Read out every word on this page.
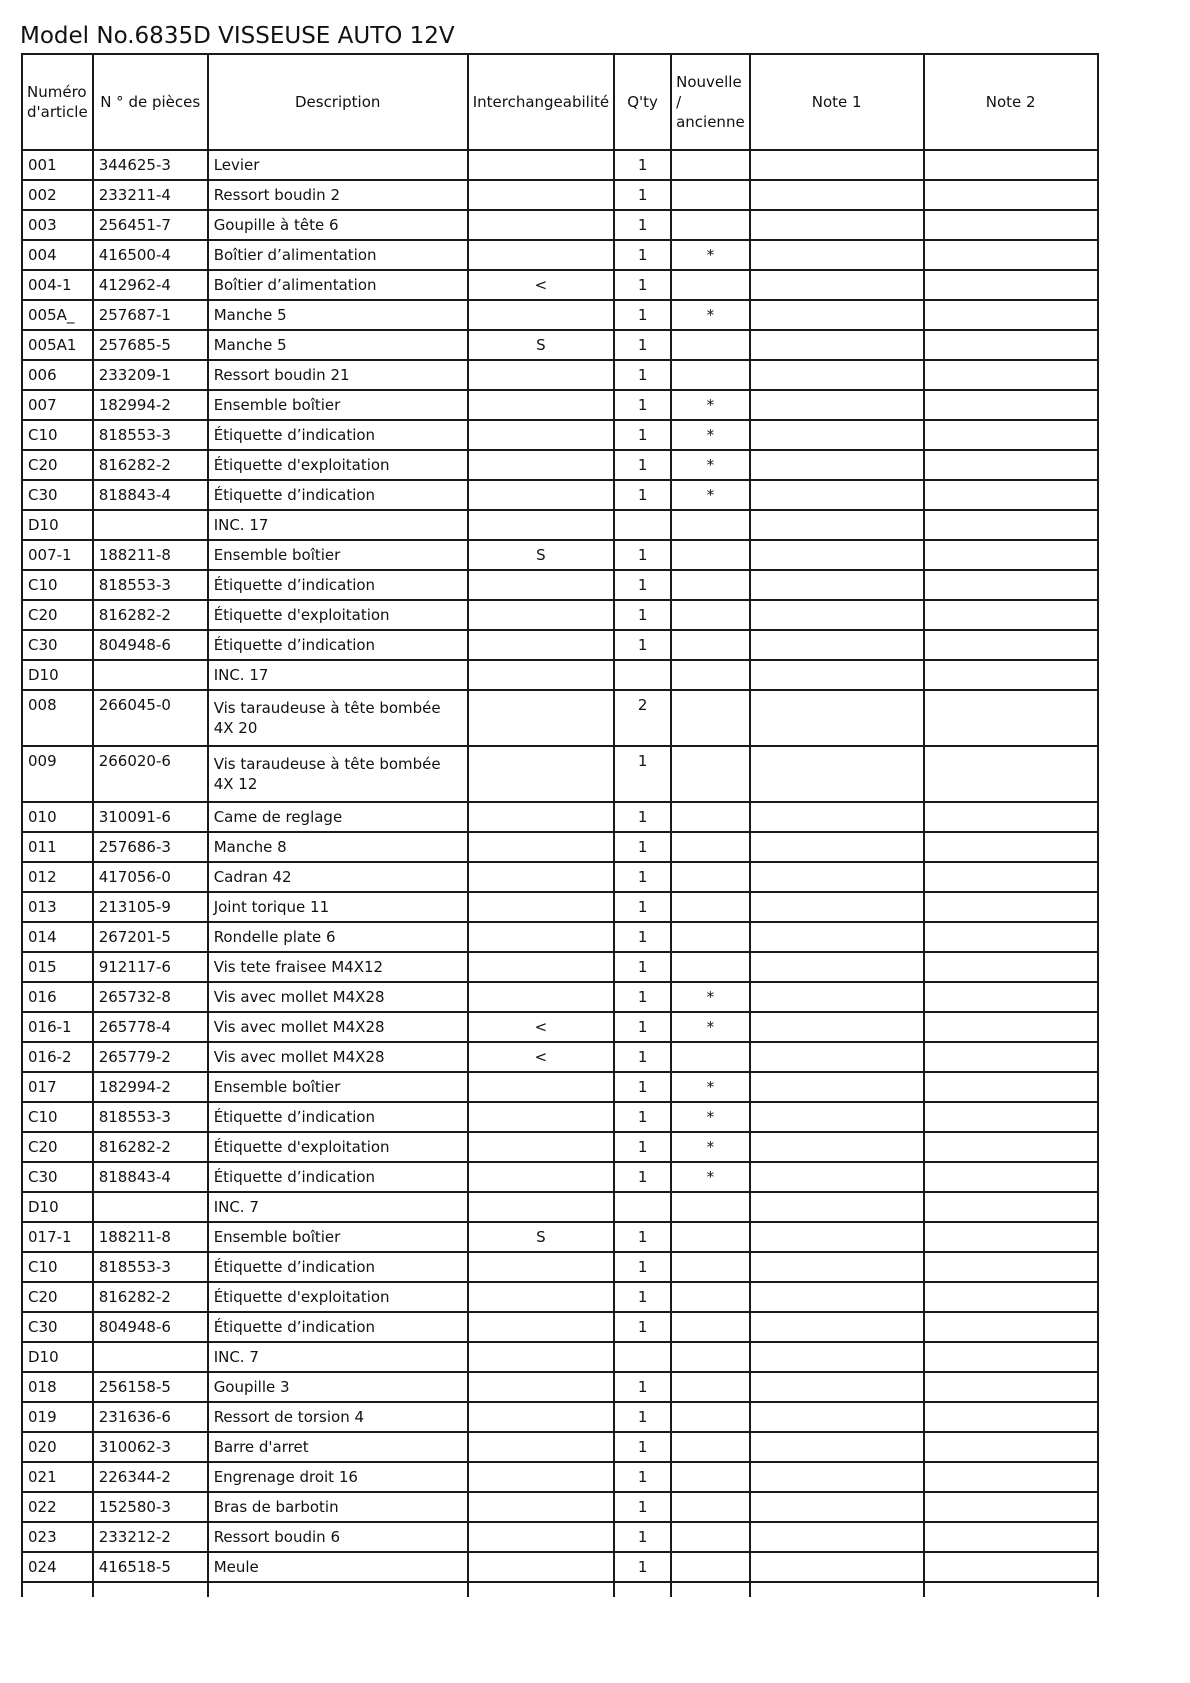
Model No.6835D VISSEUSE AUTO 12V
Numéro d'article	N ° de pièces	Description	Interchangeabilité	Q'ty	Nouvelle / ancienne	Note 1	Note 2
001	344625-3	Levier		1			
002	233211-4	Ressort boudin 2		1			
003	256451-7	Goupille à tête 6		1			
004	416500-4	Boîtier d’alimentation		1	*		
004-1	412962-4	Boîtier d’alimentation	<	1			
005A_	257687-1	Manche 5		1	*		
005A1	257685-5	Manche 5	S	1			
006	233209-1	Ressort boudin 21		1			
007	182994-2	Ensemble boîtier		1	*		
C10	818553-3	Étiquette d’indication		1	*		
C20	816282-2	Étiquette d'exploitation		1	*		
C30	818843-4	Étiquette d’indication		1	*		
D10		INC. 17					
007-1	188211-8	Ensemble boîtier	S	1			
C10	818553-3	Étiquette d’indication		1			
C20	816282-2	Étiquette d'exploitation		1			
C30	804948-6	Étiquette d’indication		1			
D10		INC. 17					
008	266045-0	Vis taraudeuse à tête bombée 4X 20		2			
009	266020-6	Vis taraudeuse à tête bombée 4X 12		1			
010	310091-6	Came de reglage		1			
011	257686-3	Manche 8		1			
012	417056-0	Cadran 42		1			
013	213105-9	Joint torique 11		1			
014	267201-5	Rondelle plate 6		1			
015	912117-6	Vis tete fraisee M4X12		1			
016	265732-8	Vis avec mollet M4X28		1	*		
016-1	265778-4	Vis avec mollet M4X28	<	1	*		
016-2	265779-2	Vis avec mollet M4X28	<	1			
017	182994-2	Ensemble boîtier		1	*		
C10	818553-3	Étiquette d’indication		1	*		
C20	816282-2	Étiquette d'exploitation		1	*		
C30	818843-4	Étiquette d’indication		1	*		
D10		INC. 7					
017-1	188211-8	Ensemble boîtier	S	1			
C10	818553-3	Étiquette d’indication		1			
C20	816282-2	Étiquette d'exploitation		1			
C30	804948-6	Étiquette d’indication		1			
D10		INC. 7					
018	256158-5	Goupille 3		1			
019	231636-6	Ressort de torsion 4		1			
020	310062-3	Barre d'arret		1			
021	226344-2	Engrenage droit 16		1			
022	152580-3	Bras de barbotin		1			
023	233212-2	Ressort boudin 6		1			
024	416518-5	Meule		1			
